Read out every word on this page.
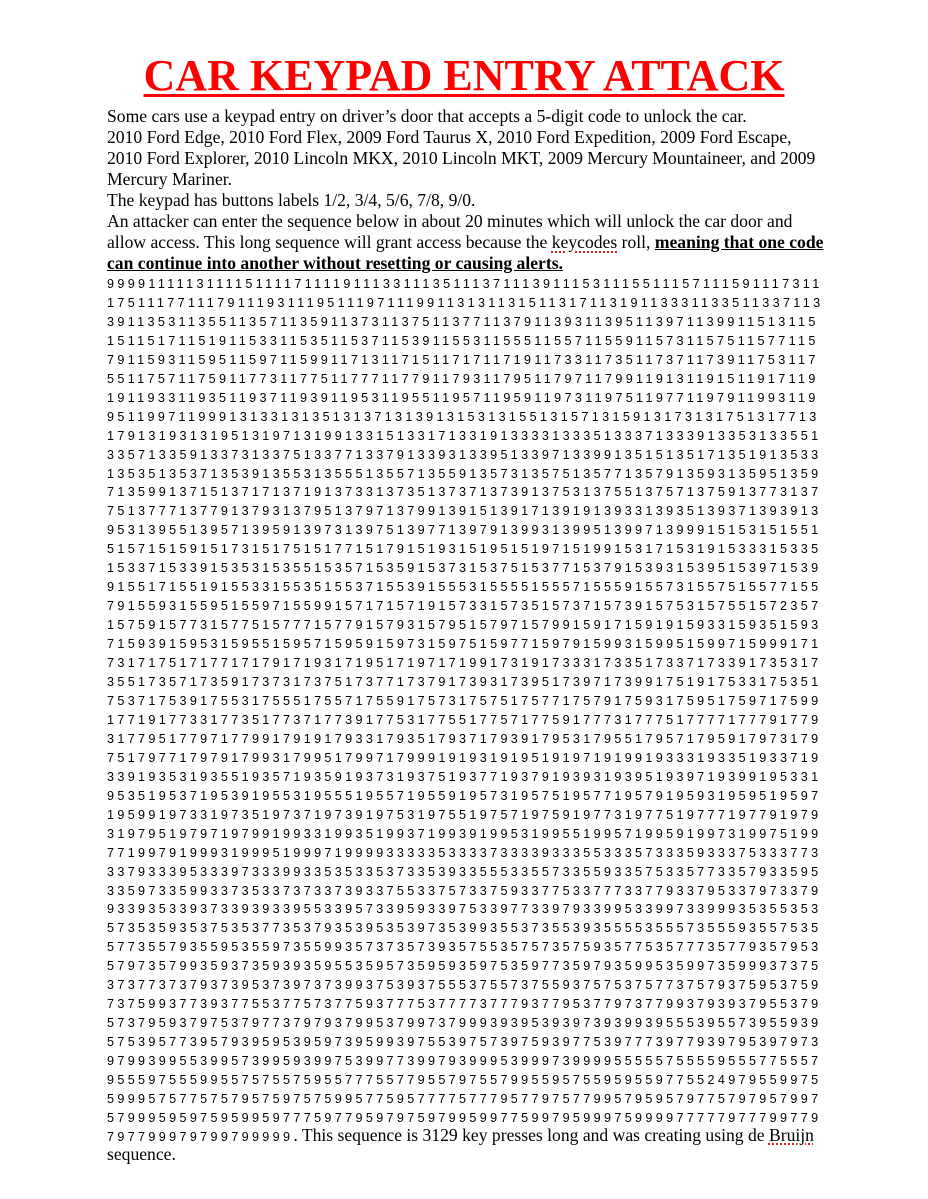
CAR KEYPAD ENTRY ATTACK

Some cars use a keypad entry on driver’s door that accepts a 5-digit code to unlock the car.

2010 Ford Edge, 2010 Ford Flex, 2009 Ford Taurus X, 2010 Ford Expedition, 2009 Ford Escape, 2010 Ford Explorer, 2010 Lincoln MKX, 2010 Lincoln MKT, 2009 Mercury Mountaineer, and 2009 Mercury Mariner.

The keypad has buttons labels 1/2, 3/4, 5/6, 7/8, 9/0.

An attacker can enter the sequence below in about 20 minutes which will unlock the car door and allow access. This long sequence will grant access because the keycodes roll, meaning that one code can continue into another without resetting or causing alerts.

9999111113111151111711119111331113511137111391115311155111571115911173111751117711179111931119511197111991131311315113171131911333113351133711339113531135511357113591137311375113771137911393113951139711399115131151511517115191153311535115371153911553115551155711559115731157511577115791159311595115971159911713117151171711719117331173511737117391175311755117571175911773117751177711779117931179511797117991191311915119171191911933119351193711939119531195511957119591197311975119771197911993119951199711999131331313513137131391315313155131571315913173131751317713179131931319513197131991331513317133191333313335133371333913353133551335713359133731337513377133791339313395133971339913515135171351913533135351353713539135531355513557135591357313575135771357913593135951359713599137151371713719137331373513737137391375313755137571375913773137751377713779137931379513797137991391513917139191393313935139371393913953139551395713959139731397513977139791399313995139971399915153151551515715159151731517515177151791519315195151971519915317153191533315335153371533915353153551535715359153731537515377153791539315395153971539915517155191553315535155371553915553155551555715559155731557515577155791559315595155971559915717157191573315735157371573915753157551572357157591577315775157771577915793157951579715799159171591915933159351593715939159531595515957159591597315975159771597915993159951599715999171731717517177171791719317195171971719917319173331733517337173391735317355173571735917373173751737717379173931739517397173991751917533175351753717539175531755517557175591757317575175771757917593175951759717599177191773317735177371773917753177551775717759177731777517777177791779317795177971779917919179331793517937179391795317955179571795917973179751797717979179931799517997179991919319195191971919919333193351933719339193531935519357193591937319375193771937919393193951939719399195331953519537195391955319555195571955919573195751957719579195931959519597195991973319735197371973919753197551975719759197731977519777197791979319795197971979919933199351993719939199531995519957199591997319975199771997919993199951999719999333335333373333933355333573335933375333773337933395333973339933535335373353933555335573355933575335773357933595335973359933735337373373933755337573375933775337773377933795337973379933935339373393933955339573395933975339773397933995339973399935355353573535935375353773537935395353973539935537355393555535557355593557535577355793559535597355993573735739357553575735759357753577735779357953579735799359373593935955359573595935975359773597935995359973599937375373773737937395373973739937539375553755737559375753757737579375953759737599377393775537757377593777537777377793779537797377993793937955379573795937975379773797937995379973799939395393973939939555395573955939575395773957939595395973959939755397573975939775397773977939795397973979939955399573995939975399773997939995399973999955555755559555775557955597555995575755759557775577955797557995595755959559775524979559975599957577575795759757599577595777757779577975779957959579775797957997579995959759599597775977959797597995997759979599975999977777977799779797799979799799999. This sequence is 3129 key presses long and was creating using de Bruijn sequence.
